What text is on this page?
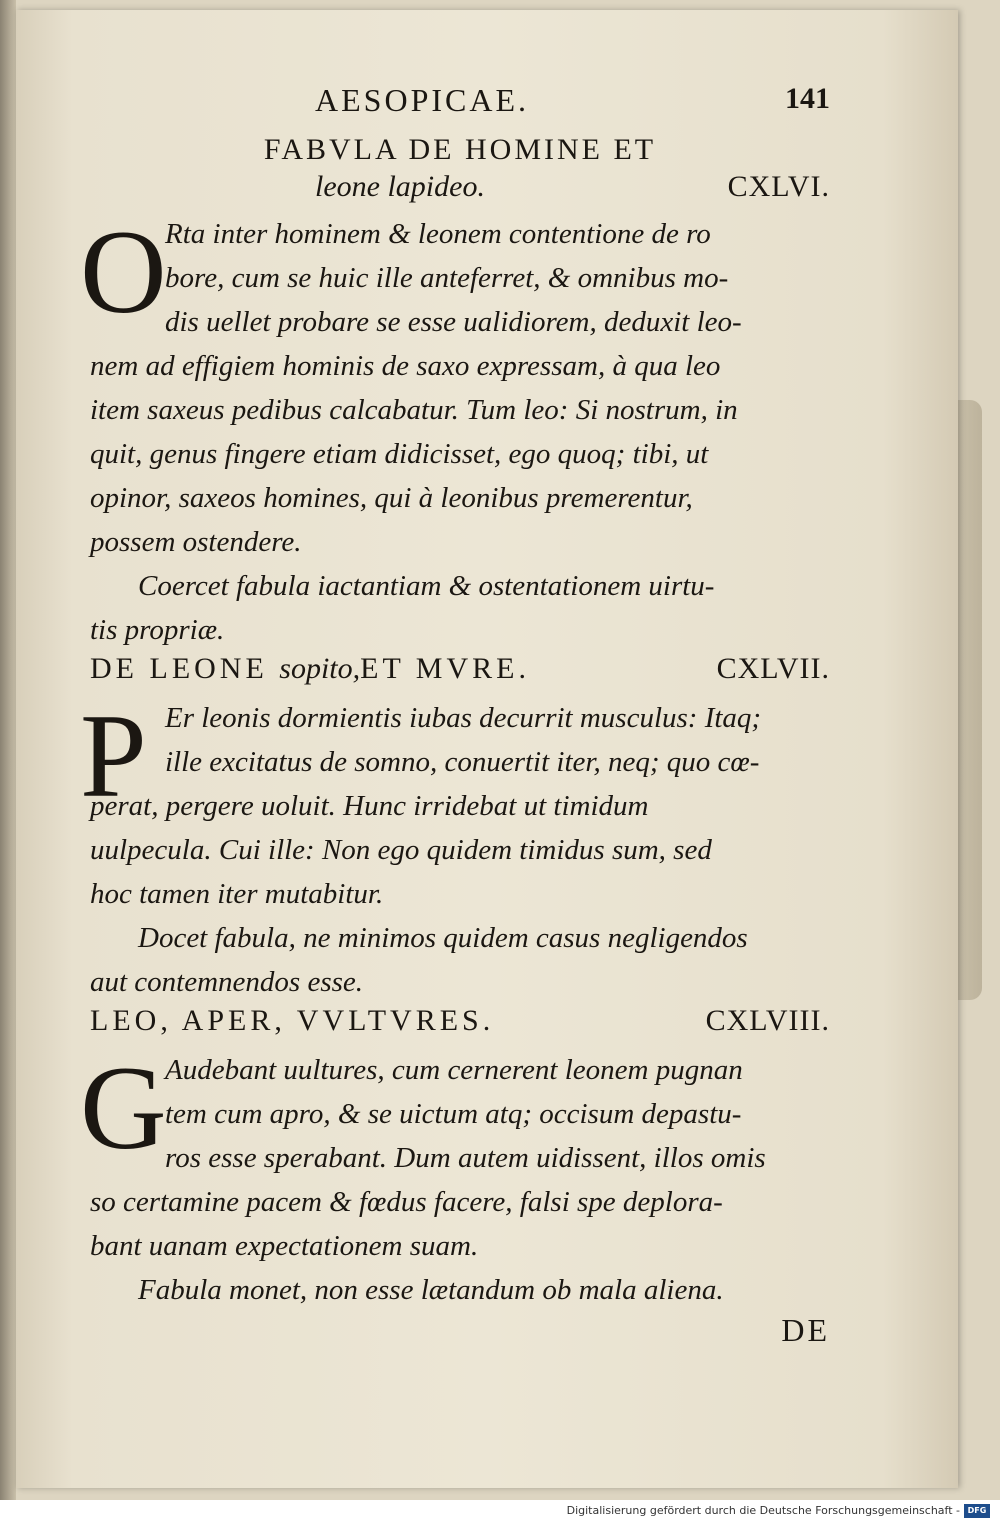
AESOPICAE.	141
FABVLA DE HOMINE ET
leone lapideo.	CXLVI.
O
Rta inter hominem & leonem contentione de ro
bore, cum se huic ille anteferret, & omnibus mo-
dis uellet probare se esse ualidiorem, deduxit leo-
nem ad effigiem hominis de saxo expressam, à qua leo
item saxeus pedibus calcabatur. Tum leo: Si nostrum, in
quit, genus fingere etiam didicisset, ego quoq; tibi, ut
opinor, saxeos homines, qui à leonibus premerentur,
possem ostendere.

Coercet fabula iactantiam & ostentationem uirtu-
tis propriæ.

DE LEONE sopito,ET MVRE.	CXLVII.
P Er leonis dormientis iubas decurrit musculus: Itaq;
ille excitatus de somno, conuertit iter, neq; quo cœ-
perat, pergere uoluit. Hunc irridebat ut timidum
uulpecula. Cui ille: Non ego quidem timidus sum, sed
hoc tamen iter mutabitur.

Docet fabula, ne minimos quidem casus negligendos
aut contemnendos esse.

LEO, APER, VVLTVRES.	CXLVIII.
G
Audebant uultures, cum cernerent leonem pugnan
tem cum apro, & se uictum atq; occisum depastu-
ros esse sperabant. Dum autem uidissent, illos omis
so certamine pacem & fœdus facere, falsi spe deplora-
bant uanam expectationem suam.

Fabula monet, non esse lætandum ob mala aliena.

DE
Digitalisierung gefördert durch die Deutsche Forschungsgemeinschaft - DFG
